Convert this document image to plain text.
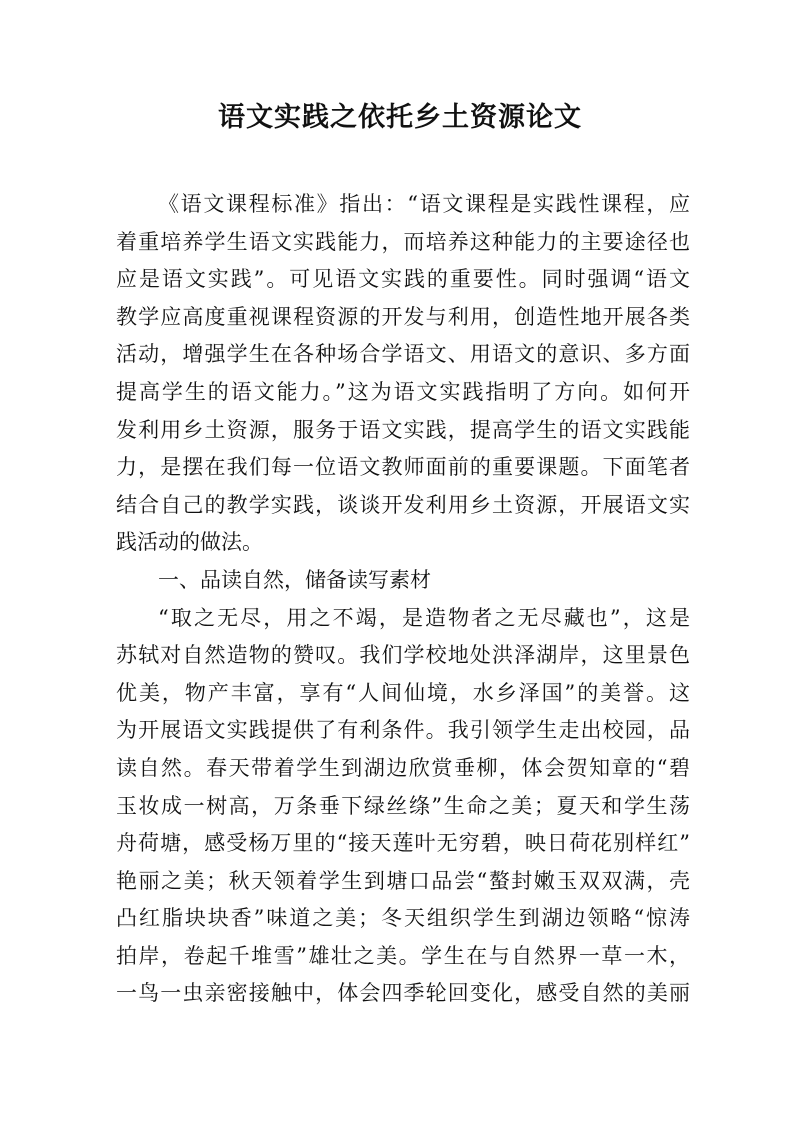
语文实践之依托乡土资源论文
《语文课程标准》指出：“语文课程是实践性课程，应
着重培养学生语文实践能力，而培养这种能力的主要途径也
应是语文实践”。可见语文实践的重要性。同时强调“语文
教学应高度重视课程资源的开发与利用，创造性地开展各类
活动，增强学生在各种场合学语文、用语文的意识、多方面
提高学生的语文能力。”这为语文实践指明了方向。如何开
发利用乡土资源，服务于语文实践，提高学生的语文实践能
力，是摆在我们每一位语文教师面前的重要课题。下面笔者
结合自己的教学实践，谈谈开发利用乡土资源，开展语文实
践活动的做法。
一、品读自然，储备读写素材
“取之无尽，用之不竭，是造物者之无尽藏也”，这是
苏轼对自然造物的赞叹。我们学校地处洪泽湖岸，这里景色
优美，物产丰富，享有“人间仙境，水乡泽国”的美誉。这
为开展语文实践提供了有利条件。我引领学生走出校园，品
读自然。春天带着学生到湖边欣赏垂柳，体会贺知章的“碧
玉妆成一树高，万条垂下绿丝绦”生命之美；夏天和学生荡
舟荷塘，感受杨万里的“接天莲叶无穷碧，映日荷花别样红”
艳丽之美；秋天领着学生到塘口品尝“螯封嫩玉双双满，壳
凸红脂块块香”味道之美；冬天组织学生到湖边领略“惊涛
拍岸，卷起千堆雪”雄壮之美。学生在与自然界一草一木，
一鸟一虫亲密接触中，体会四季轮回变化，感受自然的美丽
